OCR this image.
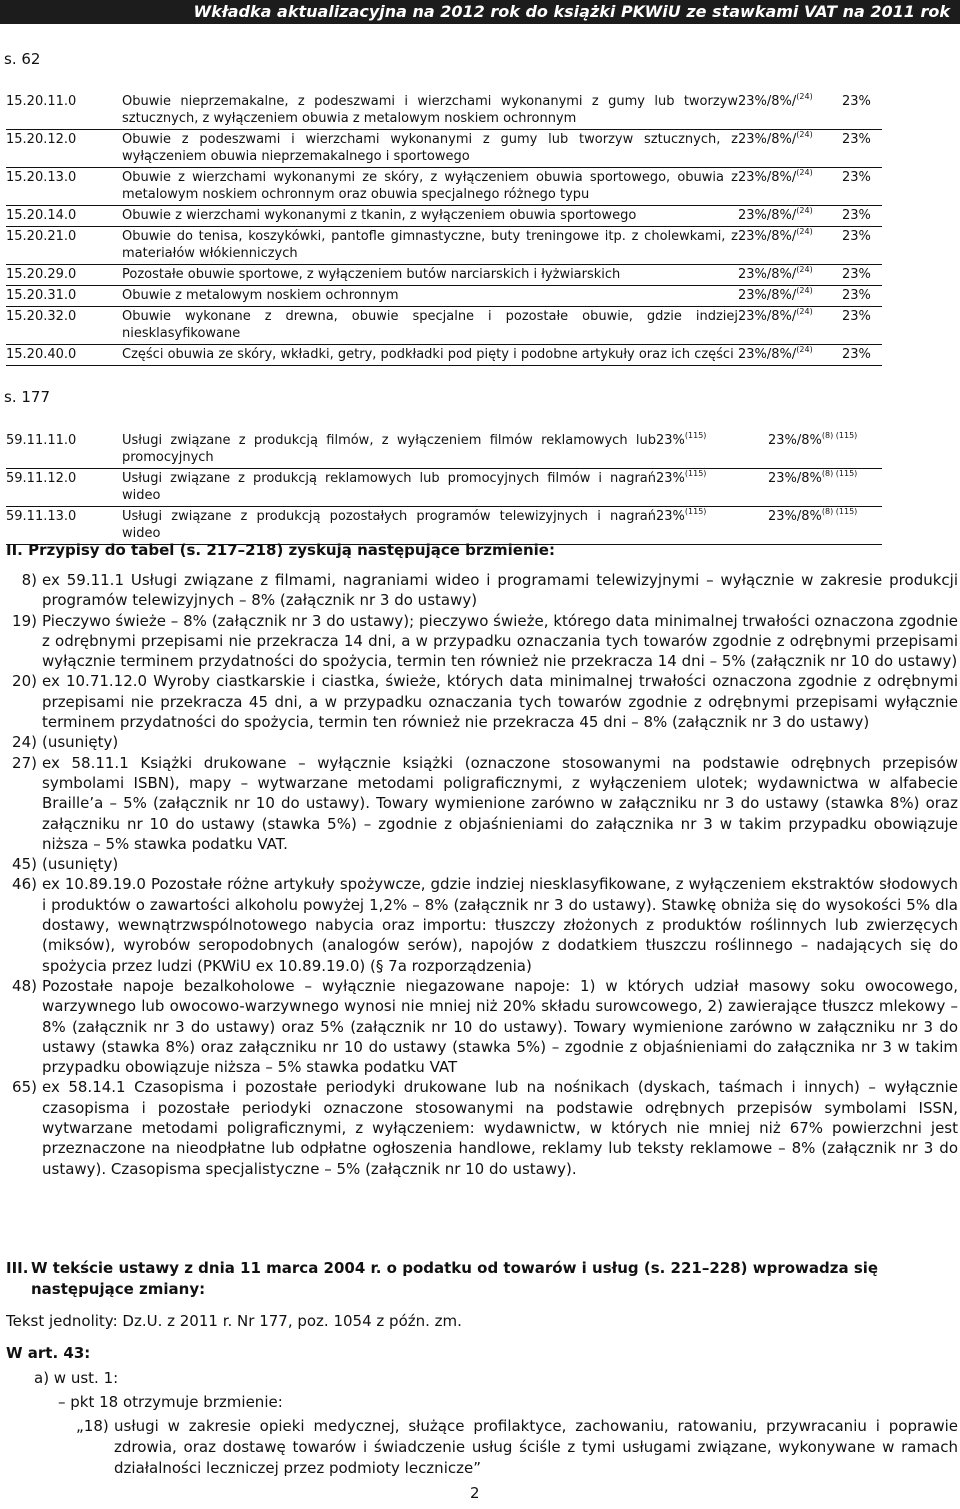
Wkładka aktualizacyjna na 2012 rok do książki PKWiU ze stawkami VAT na 2011 rok
s. 62
15.20.11.0	Obuwie nieprzemakalne, z podeszwami i wierzchami wykonanymi z gumy lub tworzyw sztucznych, z wyłączeniem obuwia z metalowym noskiem ochronnym	23%/8%/$^{(24)}$	23%
15.20.12.0	Obuwie z podeszwami i wierzchami wykonanymi z gumy lub tworzyw sztucznych, z wyłączeniem obuwia nieprzemakalnego i sportowego	23%/8%/$^{(24)}$	23%
15.20.13.0	Obuwie z wierzchami wykonanymi ze skóry, z wyłączeniem obuwia sportowego, obuwia z metalowym noskiem ochronnym oraz obuwia specjalnego różnego typu	23%/8%/$^{(24)}$	23%
15.20.14.0	Obuwie z wierzchami wykonanymi z tkanin, z wyłączeniem obuwia sportowego	23%/8%/$^{(24)}$	23%
15.20.21.0	Obuwie do tenisa, koszykówki, pantofle gimnastyczne, buty treningowe itp. z cholewkami, z materiałów włókienniczych	23%/8%/$^{(24)}$	23%
15.20.29.0	Pozostałe obuwie sportowe, z wyłączeniem butów narciarskich i łyżwiarskich	23%/8%/$^{(24)}$	23%
15.20.31.0	Obuwie z metalowym noskiem ochronnym	23%/8%/$^{(24)}$	23%
15.20.32.0	Obuwie wykonane z drewna, obuwie specjalne i pozostałe obuwie, gdzie indziej niesklasyfikowane	23%/8%/$^{(24)}$	23%
15.20.40.0	Części obuwia ze skóry, wkładki, getry, podkładki pod pięty i podobne artykuły oraz ich części	23%/8%/$^{(24)}$	23%
s. 177
59.11.11.0	Usługi związane z produkcją filmów, z wyłączeniem filmów reklamowych lub promocyjnych	23%$^{(115)}$	23%/8%$^{(8) (115)}$
59.11.12.0	Usługi związane z produkcją reklamowych lub promocyjnych filmów i nagrań wideo	23%$^{(115)}$	23%/8%$^{(8) (115)}$
59.11.13.0	Usługi związane z produkcją pozostałych programów telewizyjnych i nagrań wideo	23%$^{(115)}$	23%/8%$^{(8) (115)}$
II. Przypisy do tabel (s. 217–218) zyskują następujące brzmienie:
8) ex 59.11.1 Usługi związane z filmami, nagraniami wideo i programami telewizyjnymi – wyłącznie w zakresie produkcji programów telewizyjnych – 8% (załącznik nr 3 do ustawy)
19) Pieczywo świeże – 8% (załącznik nr 3 do ustawy); pieczywo świeże, którego data minimalnej trwałości oznaczona zgodnie z odrębnymi przepisami nie przekracza 14 dni, a w przypadku oznaczania tych towarów zgodnie z odrębnymi przepisami wyłącznie terminem przydatności do spożycia, termin ten również nie przekracza 14 dni – 5% (załącznik nr 10 do ustawy)
20) ex 10.71.12.0 Wyroby ciastkarskie i ciastka, świeże, których data minimalnej trwałości oznaczona zgodnie z odrębnymi przepisami nie przekracza 45 dni, a w przypadku oznaczania tych towarów zgodnie z odrębnymi przepisami wyłącznie terminem przydatności do spożycia, termin ten również nie przekracza 45 dni – 8% (załącznik nr 3 do ustawy)
24) (usunięty)
27) ex 58.11.1 Książki drukowane – wyłącznie książki (oznaczone stosowanymi na podstawie odrębnych przepisów symbolami ISBN), mapy – wytwarzane metodami poligraficznymi, z wyłączeniem ulotek; wydawnictwa w alfabecie Braille’a – 5% (załącznik nr 10 do ustawy). Towary wymienione zarówno w załączniku nr 3 do ustawy (stawka 8%) oraz załączniku nr 10 do ustawy (stawka 5%) – zgodnie z objaśnieniami do załącznika nr 3 w takim przypadku obowiązuje niższa – 5% stawka podatku VAT.
45) (usunięty)
46) ex 10.89.19.0 Pozostałe różne artykuły spożywcze, gdzie indziej niesklasyfikowane, z wyłączeniem ekstraktów słodowych i produktów o zawartości alkoholu powyżej 1,2% – 8% (załącznik nr 3 do ustawy). Stawkę obniża się do wysokości 5% dla dostawy, wewnątrzwspólnotowego nabycia oraz importu: tłuszczy złożonych z produktów roślinnych lub zwierzęcych (miksów), wyrobów seropodobnych (analogów serów), napojów z dodatkiem tłuszczu roślinnego – nadających się do spożycia przez ludzi (PKWiU ex 10.89.19.0) (§ 7a rozporządzenia)
48) Pozostałe napoje bezalkoholowe – wyłącznie niegazowane napoje: 1) w których udział masowy soku owocowego, warzywnego lub owocowo-warzywnego wynosi nie mniej niż 20% składu surowcowego, 2) zawierające tłuszcz mlekowy – 8% (załącznik nr 3 do ustawy) oraz 5% (załącznik nr 10 do ustawy). Towary wymienione zarówno w załączniku nr 3 do ustawy (stawka 8%) oraz załączniku nr 10 do ustawy (stawka 5%) – zgodnie z objaśnieniami do załącznika nr 3 w takim przypadku obowiązuje niższa – 5% stawka podatku VAT
65) ex 58.14.1 Czasopisma i pozostałe periodyki drukowane lub na nośnikach (dyskach, taśmach i innych) – wyłącznie czasopisma i pozostałe periodyki oznaczone stosowanymi na podstawie odrębnych przepisów symbolami ISSN, wytwarzane metodami poligraficznymi, z wyłączeniem: wydawnictw, w których nie mniej niż 67% powierzchni jest przeznaczone na nieodpłatne lub odpłatne ogłoszenia handlowe, reklamy lub teksty reklamowe – 8% (załącznik nr 3 do ustawy). Czasopisma specjalistyczne – 5% (załącznik nr 10 do ustawy).
III. W tekście ustawy z dnia 11 marca 2004 r. o podatku od towarów i usług (s. 221–228) wprowadza się następujące zmiany:
Tekst jednolity: Dz.U. z 2011 r. Nr 177, poz. 1054 z późn. zm.
W art. 43:
a) w ust. 1:
– pkt 18 otrzymuje brzmienie:
„18) usługi w zakresie opieki medycznej, służące profilaktyce, zachowaniu, ratowaniu, przywracaniu i poprawie zdrowia, oraz dostawę towarów i świadczenie usług ściśle z tymi usługami związane, wykonywane w ramach działalności leczniczej przez podmioty lecznicze”
2
